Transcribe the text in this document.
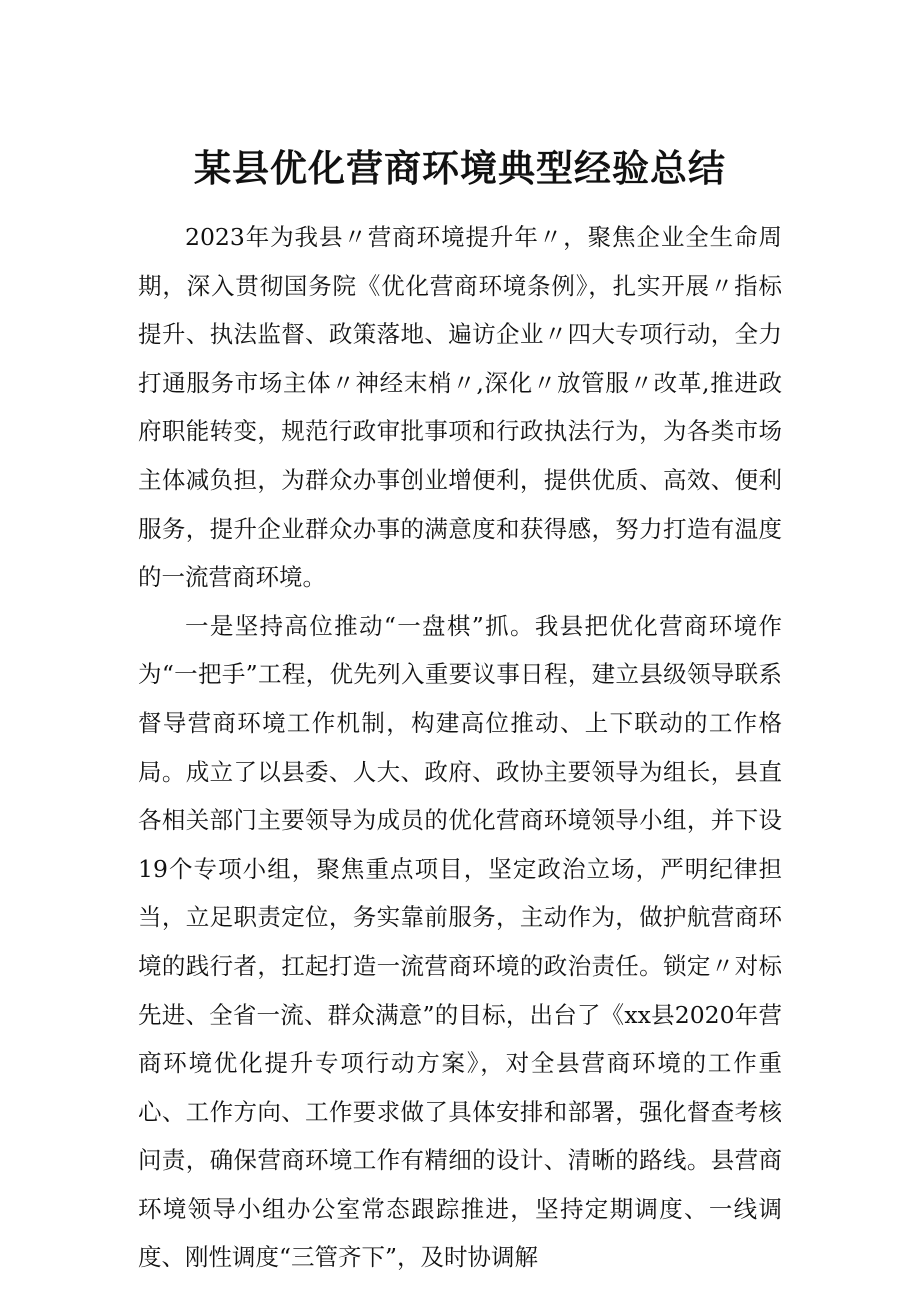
某县优化营商环境典型经验总结

2023年为我县〃营商环境提升年〃，聚焦企业全生命周期，深入贯彻国务院《优化营商环境条例》，扎实开展〃指标提升、执法监督、政策落地、遍访企业〃四大专项行动，全力打通服务市场主体〃神经末梢〃,深化〃放管服〃改革,推进政府职能转变，规范行政审批事项和行政执法行为，为各类市场主体减负担，为群众办事创业增便利，提供优质、高效、便利服务，提升企业群众办事的满意度和获得感，努力打造有温度的一流营商环境。

一是坚持高位推动“一盘棋”抓。我县把优化营商环境作为“一把手”工程，优先列入重要议事日程，建立县级领导联系督导营商环境工作机制，构建高位推动、上下联动的工作格局。成立了以县委、人大、政府、政协主要领导为组长，县直各相关部门主要领导为成员的优化营商环境领导小组，并下设19个专项小组，聚焦重点项目，坚定政治立场，严明纪律担当，立足职责定位，务实靠前服务，主动作为，做护航营商环境的践行者，扛起打造一流营商环境的政治责任。锁定〃对标先进、全省一流、群众满意”的目标，出台了《xx县2020年营商环境优化提升专项行动方案》，对全县营商环境的工作重心、工作方向、工作要求做了具体安排和部署，强化督查考核问责，确保营商环境工作有精细的设计、清晰的路线。县营商环境领导小组办公室常态跟踪推进，坚持定期调度、一线调度、刚性调度“三管齐下”，及时协调解
